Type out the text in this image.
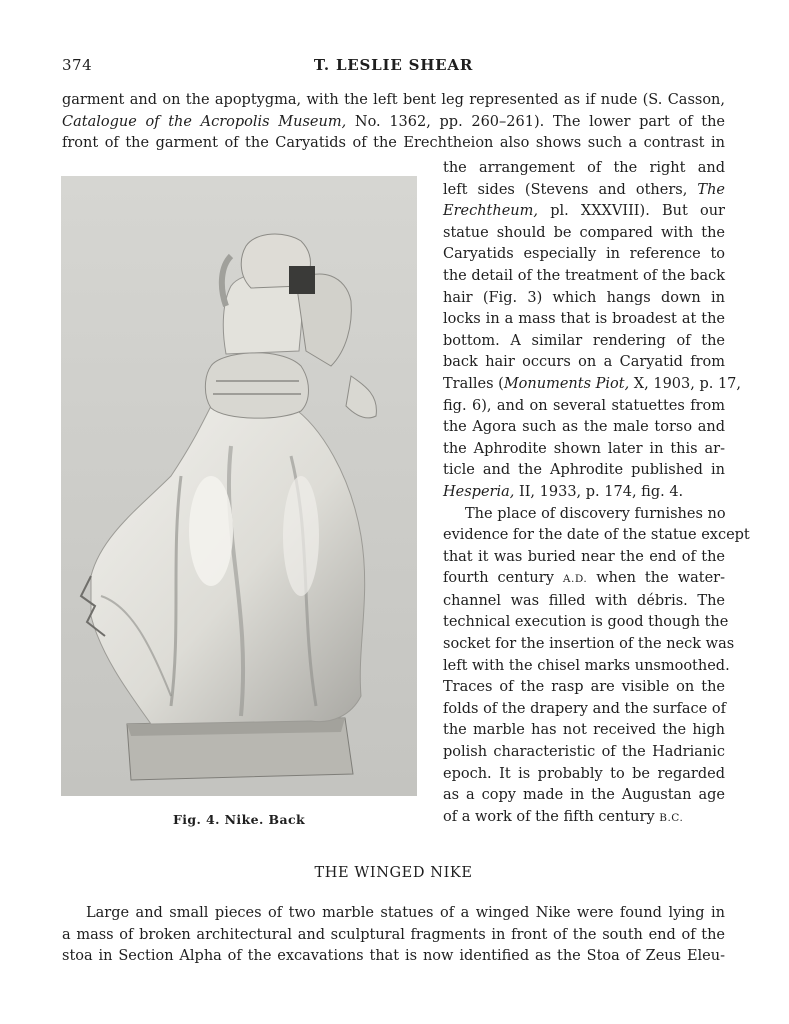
374	T. LESLIE SHEAR
garment and on the apoptygma, with the left bent leg represented as if nude (S. Casson,
Catalogue of the Acropolis Museum, No. 1362, pp. 260–261). The lower part of the
front of the garment of the Caryatids of the Erechtheion also shows such a contrast in
Fig. 4. Nike. Back
the arrangement of the right and
left sides (Stevens and others, The
Erechtheum, pl. XXXVIII). But our
statue should be compared with the
Caryatids especially in reference to
the detail of the treatment of the back
hair (Fig. 3) which hangs down in
locks in a mass that is broadest at the
bottom. A similar rendering of the
back hair occurs on a Caryatid from
Tralles (Monuments Piot, X, 1903, p. 17,
fig. 6), and on several statuettes from
the Agora such as the male torso and
the Aphrodite shown later in this ar-
ticle and the Aphrodite published in
Hesperia, II, 1933, p. 174, fig. 4.
The place of discovery furnishes no
evidence for the date of the statue except
that it was buried near the end of the
fourth century A.D. when the water-
channel was filled with débris. The
technical execution is good though the
socket for the insertion of the neck was
left with the chisel marks unsmoothed.
Traces of the rasp are visible on the
folds of the drapery and the surface of
the marble has not received the high
polish characteristic of the Hadrianic
epoch. It is probably to be regarded
as a copy made in the Augustan age
of a work of the fifth century B.C.
THE WINGED NIKE
Large and small pieces of two marble statues of a winged Nike were found lying in
a mass of broken architectural and sculptural fragments in front of the south end of the
stoa in Section Alpha of the excavations that is now identified as the Stoa of Zeus Eleu-
